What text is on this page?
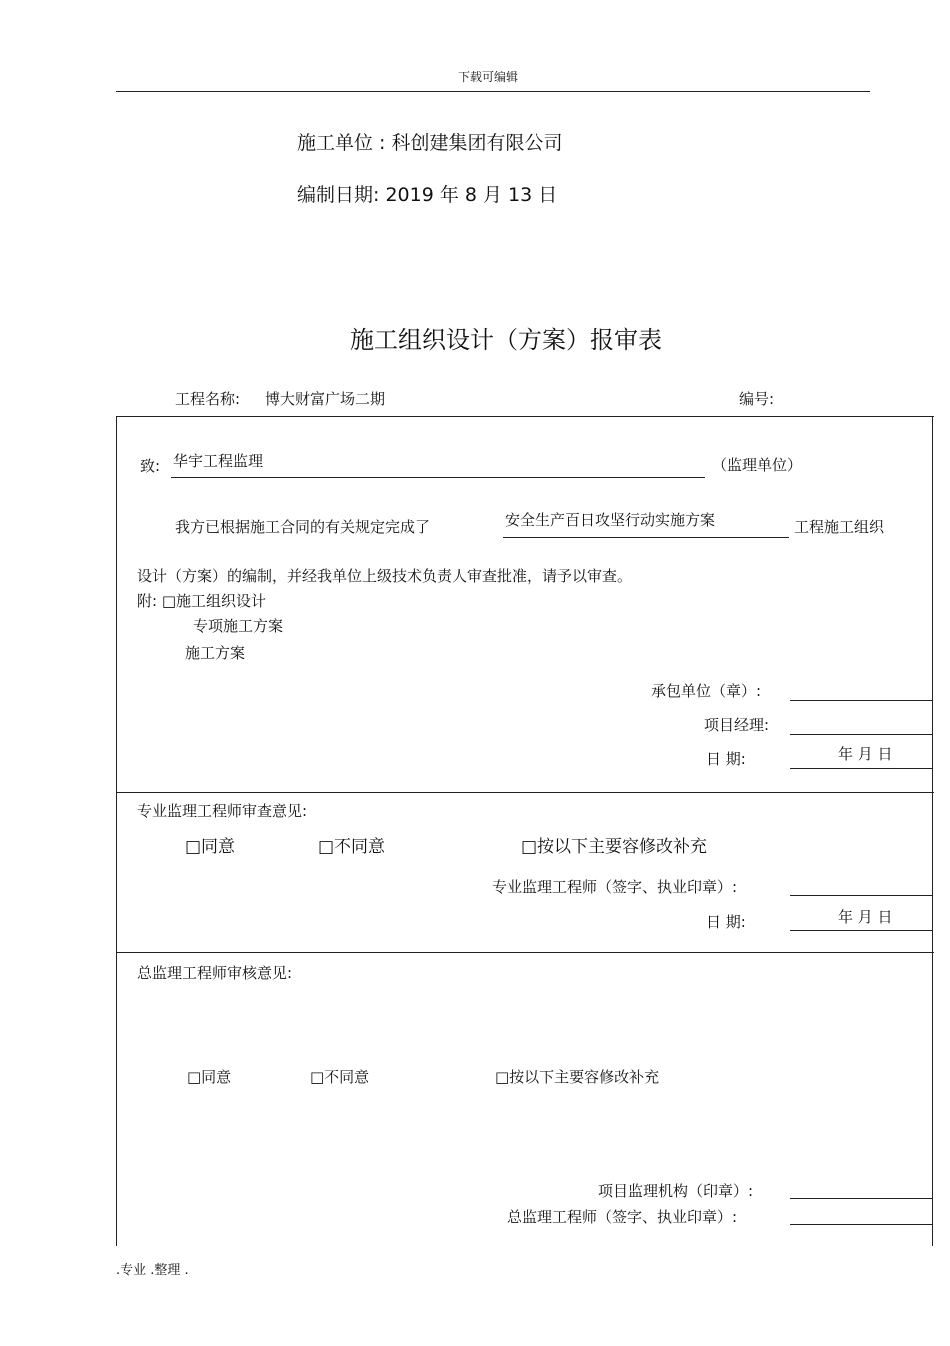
下载可编辑
施工单位 : 科创建集团有限公司
编制日期: 2019 年 8 月 13 日
施工组织设计（方案）报审表
工程名称: 博大财富广场二期	编号:
致: 华宇工程监理	（监理单位）
我方已根据施工合同的有关规定完成了	安全生产百日攻坚行动实施方案	工程施工组织
设计（方案）的编制，并经我单位上级技术负责人审查批准，请予以审查。
附: □施工组织设计
专项施工方案
施工方案
承包单位（章）:
项目经理:
日 期:	年 月 日
专业监理工程师审查意见:
□同意	□不同意	□按以下主要容修改补充
专业监理工程师（签字、执业印章）:
日 期:	年 月 日
总监理工程师审核意见:
□同意	□不同意	□按以下主要容修改补充
项目监理机构（印章）:
总监理工程师（签字、执业印章）:
.专业 .整理 .
